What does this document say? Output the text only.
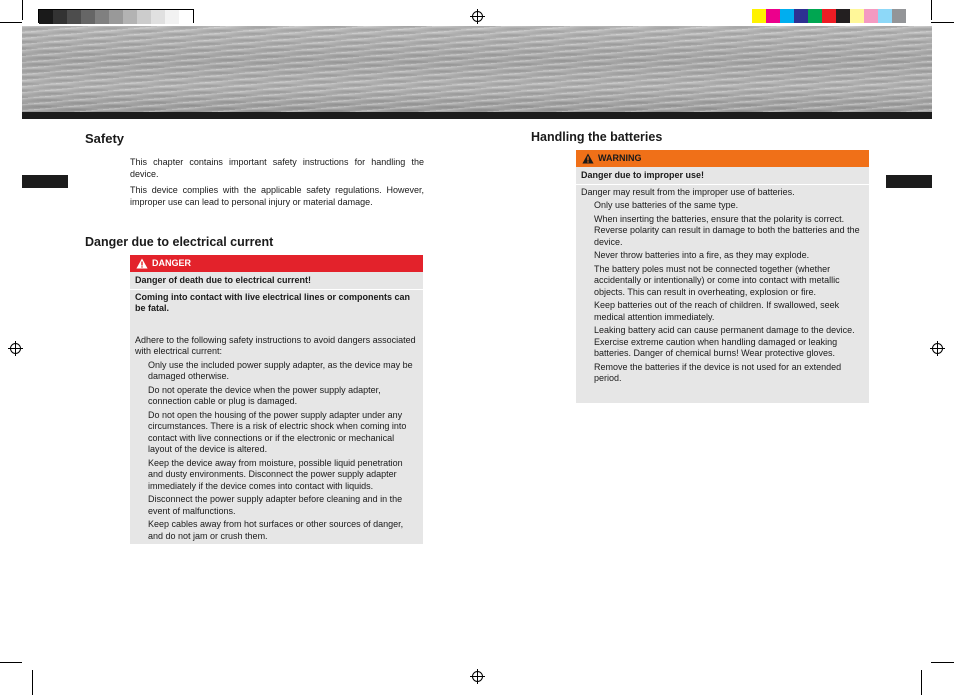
Safety

This chapter contains important safety instructions for handling the device.

This device complies with the applicable safety regulations. However, improper use can lead to personal injury or material damage.

Danger due to electrical current
DANGER

Danger of death due to electrical current!

Coming into contact with live electrical lines or components can be fatal.

Adhere to the following safety instructions to avoid dangers associated with electrical current:

Only use the included power supply adapter, as the device may be damaged otherwise.

Do not operate the device when the power supply adapter, connection cable or plug is damaged.

Do not open the housing of the power supply adapter under any circumstances. There is a risk of electric shock when coming into contact with live connections or if the electronic or mechanical layout of the device is altered.

Keep the device away from moisture, possible liquid penetration and dusty environments. Disconnect the power supply adapter immediately if the device comes into contact with liquids.

Disconnect the power supply adapter before cleaning and in the event of malfunctions.

Keep cables away from hot surfaces or other sources of danger, and do not jam or crush them.

Handling the batteries
WARNING

Danger due to improper use!

Danger may result from the improper use of batteries.

Only use batteries of the same type.

When inserting the batteries, ensure that the polarity is correct. Reverse polarity can result in damage to both the batteries and the device.

Never throw batteries into a fire, as they may explode.

The battery poles must not be connected together (whether accidentally or intentionally) or come into contact with metallic objects. This can result in overheating, explosion or fire.

Keep batteries out of the reach of children. If swallowed, seek medical attention immediately.

Leaking battery acid can cause permanent damage to the device. Exercise extreme caution when handling damaged or leaking batteries. Danger of chemical burns! Wear protective gloves.

Remove the batteries if the device is not used for an extended period.
